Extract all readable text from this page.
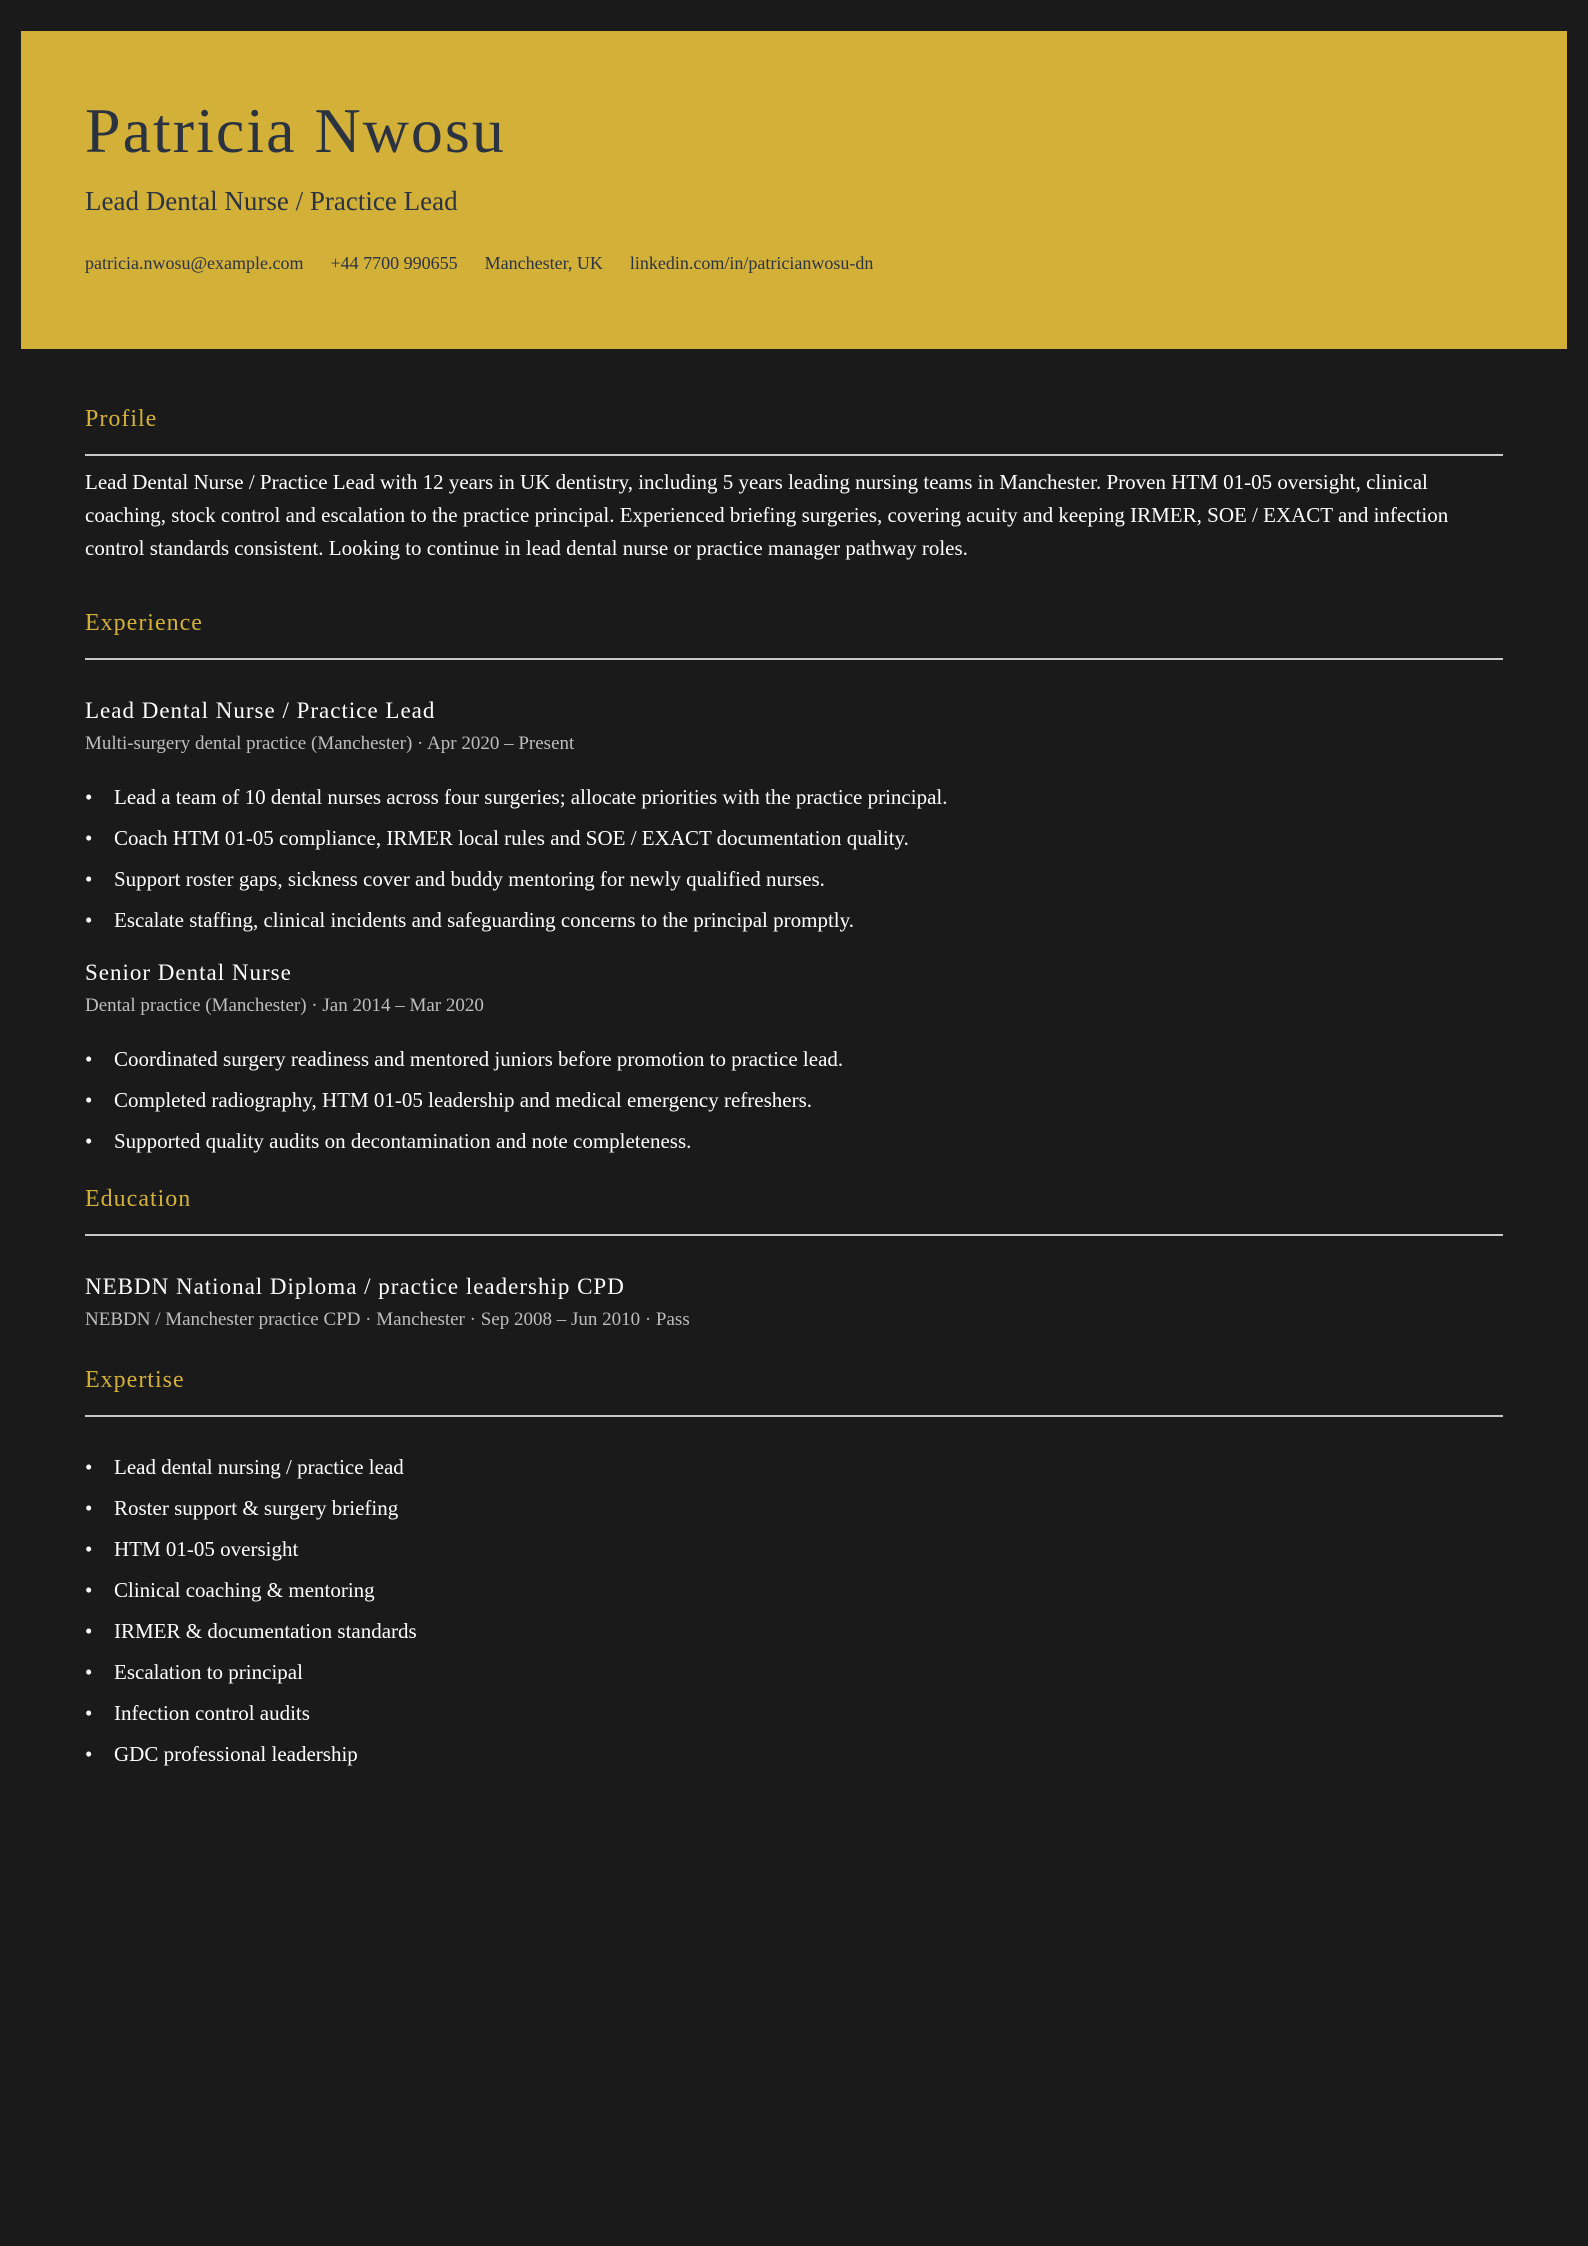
Patricia Nwosu
Lead Dental Nurse / Practice Lead
patricia.nwosu@example.com +44 7700 990655 Manchester, UK linkedin.com/in/patricianwosu-dn
Profile

Lead Dental Nurse / Practice Lead with 12 years in UK dentistry, including 5 years leading nursing teams in Manchester. Proven HTM 01-05 oversight, clinical coaching, stock control and escalation to the practice principal. Experienced briefing surgeries, covering acuity and keeping IRMER, SOE / EXACT and infection control standards consistent. Looking to continue in lead dental nurse or practice manager pathway roles.

Experience
Lead Dental Nurse / Practice Lead
Multi-surgery dental practice (Manchester) · Apr 2020 – Present
• Lead a team of 10 dental nurses across four surgeries; allocate priorities with the practice principal.
• Coach HTM 01-05 compliance, IRMER local rules and SOE / EXACT documentation quality.
• Support roster gaps, sickness cover and buddy mentoring for newly qualified nurses.
• Escalate staffing, clinical incidents and safeguarding concerns to the principal promptly.
Senior Dental Nurse
Dental practice (Manchester) · Jan 2014 – Mar 2020
• Coordinated surgery readiness and mentored juniors before promotion to practice lead.
• Completed radiography, HTM 01-05 leadership and medical emergency refreshers.
• Supported quality audits on decontamination and note completeness.
Education
NEBDN National Diploma / practice leadership CPD
NEBDN / Manchester practice CPD · Manchester · Sep 2008 – Jun 2010 · Pass
Expertise
• Lead dental nursing / practice lead
• Roster support & surgery briefing
• HTM 01-05 oversight
• Clinical coaching & mentoring
• IRMER & documentation standards
• Escalation to principal
• Infection control audits
• GDC professional leadership
